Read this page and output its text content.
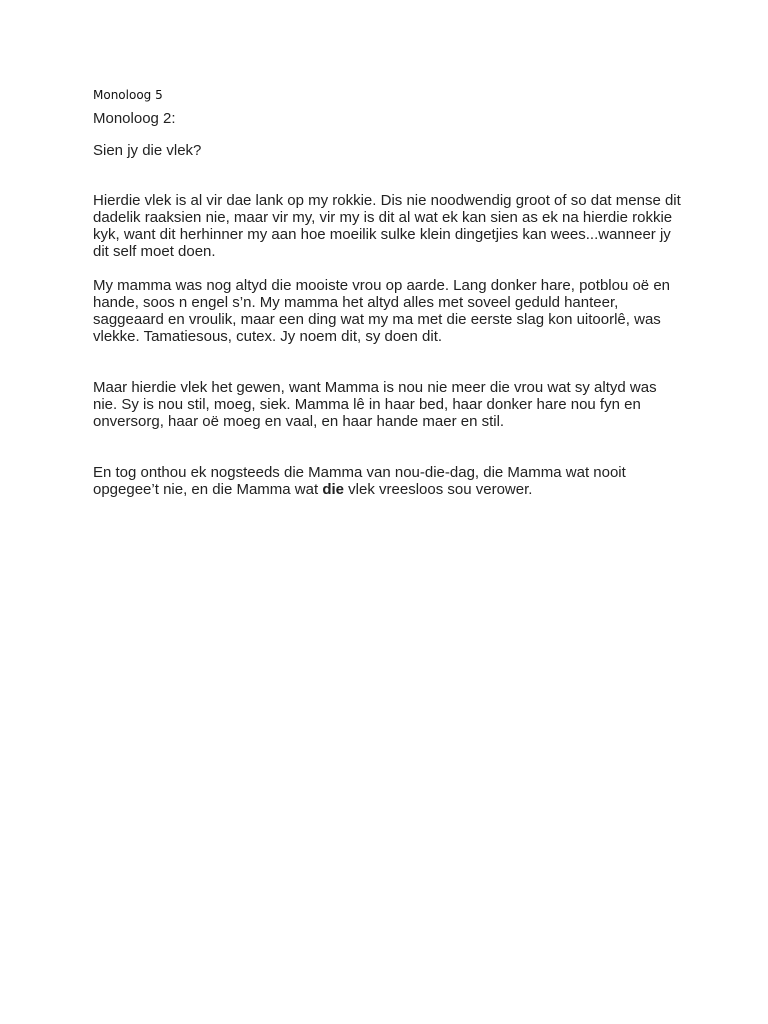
Monoloog 5
Monoloog 2:
Sien jy die vlek?

Hierdie vlek is al vir dae lank op my rokkie. Dis nie noodwendig groot of so dat mense dit dadelik raaksien nie, maar vir my, vir my is dit al wat ek kan sien as ek na hierdie rokkie kyk, want dit herhinner my aan hoe moeilik sulke klein dingetjies kan wees...wanneer jy dit self moet doen.

My mamma was nog altyd die mooiste vrou op aarde. Lang donker hare, potblou oë en hande, soos n engel s’n. My mamma het altyd alles met soveel geduld hanteer, saggeaard en vroulik, maar een ding wat my ma met die eerste slag kon uitoorlê, was vlekke. Tamatiesous, cutex. Jy noem dit, sy doen dit.

Maar hierdie vlek het gewen, want Mamma is nou nie meer die vrou wat sy altyd was nie. Sy is nou stil, moeg, siek. Mamma lê in haar bed, haar donker hare nou fyn en onversorg, haar oë moeg en vaal, en haar hande maer en stil.

En tog onthou ek nogsteeds die Mamma van nou-die-dag, die Mamma wat nooit opgegee’t nie, en die Mamma wat die vlek vreesloos sou verower.
